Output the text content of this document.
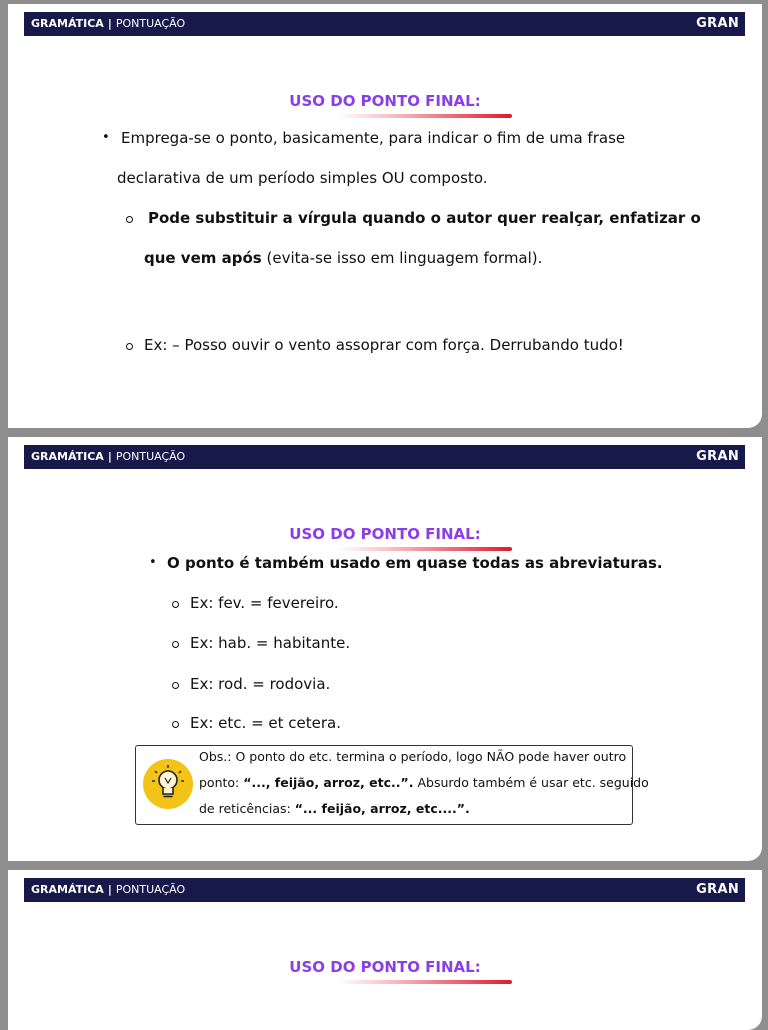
GRAMÁTICA | PONTUAÇÃO	GRAN
USO DO PONTO FINAL:
• Emprega-se o ponto, basicamente, para indicar o fim de uma frase
declarativa de um período simples OU composto.
Pode substituir a vírgula quando o autor quer realçar, enfatizar o
que vem após (evita-se isso em linguagem formal).
Ex: – Posso ouvir o vento assoprar com força. Derrubando tudo!
GRAMÁTICA | PONTUAÇÃO	GRAN
USO DO PONTO FINAL:
• O ponto é também usado em quase todas as abreviaturas.
Ex: fev. = fevereiro.
Ex: hab. = habitante.
Ex: rod. = rodovia.
Ex: etc. = et cetera.
Obs.: O ponto do etc. termina o período, logo NÃO pode haver outro
ponto: “..., feijão, arroz, etc..”. Absurdo também é usar etc. seguido
de reticências: “... feijão, arroz, etc....”.
GRAMÁTICA | PONTUAÇÃO	GRAN
USO DO PONTO FINAL:
